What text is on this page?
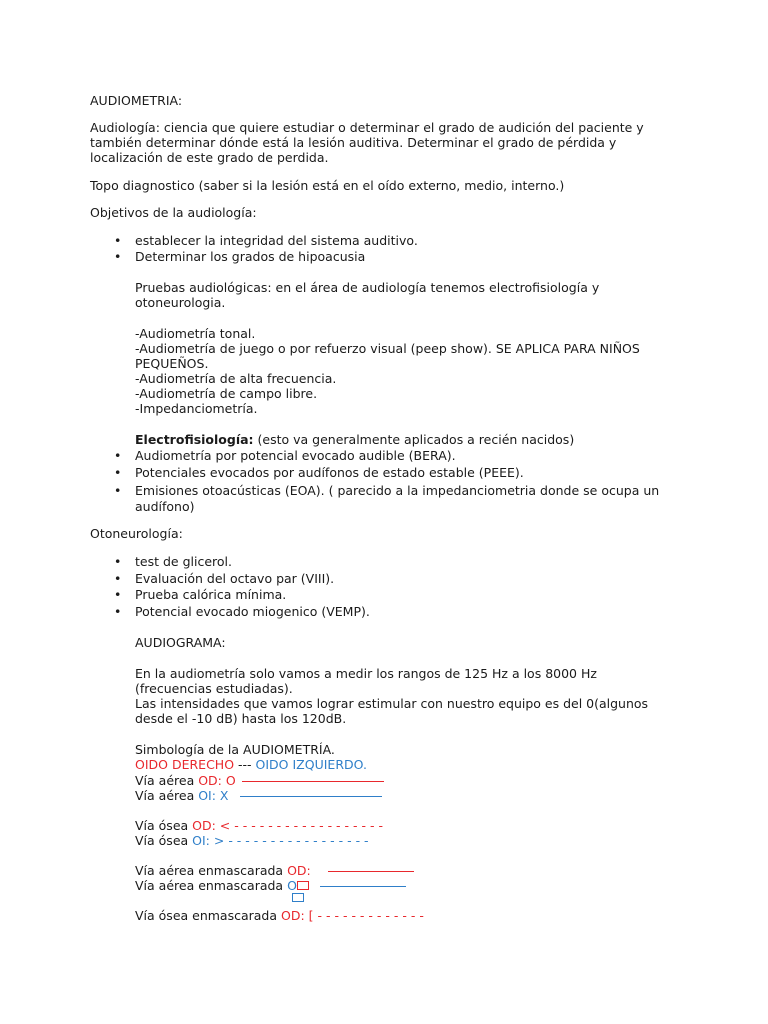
AUDIOMETRIA:

Audiología: ciencia que quiere estudiar o determinar el grado de audición del paciente y
también determinar dónde está la lesión auditiva. Determinar el grado de pérdida y
localización de este grado de perdida.

Topo diagnostico (saber si la lesión está en el oído externo, medio, interno.)

Objetivos de la audiología:

• establecer la integridad del sistema auditivo.

• Determinar los grados de hipoacusia

Pruebas audiológicas: en el área de audiología tenemos electrofisiología y
otoneurologia.
-Audiometría tonal.
-Audiometría de juego o por refuerzo visual (peep show). SE APLICA PARA NIÑOS
PEQUEÑOS.
-Audiometría de alta frecuencia.
-Audiometría de campo libre.
-Impedanciometría.

Electrofisiología: (esto va generalmente aplicados a recién nacidos)

• Audiometría por potencial evocado audible (BERA).

• Potenciales evocados por audífonos de estado estable (PEEE).

• Emisiones otoacústicas (EOA). ( parecido a la impedanciometria donde se ocupa un

audífono)

Otoneurología:

• test de glicerol.

• Evaluación del octavo par (VIII).

• Prueba calórica mínima.

• Potencial evocado miogenico (VEMP).

AUDIOGRAMA:

En la audiometría solo vamos a medir los rangos de 125 Hz a los 8000 Hz
(frecuencias estudiadas).
Las intensidades que vamos lograr estimular con nuestro equipo es del 0(algunos
desde el -10 dB) hasta los 120dB.

Simbología de la AUDIOMETRÍA.

OIDO DERECHO --- OIDO IZQUIERDO.

Vía aérea OD: O

Vía aérea OI: X

Vía ósea OD: < - - - - - - - - - - - - - - - - - -

Vía ósea OI: > - - - - - - - - - - - - - - - - -

Vía aérea enmascarada OD:

Vía aérea enmascarada O

Vía ósea enmascarada OD: [ - - - - - - - - - - - - -
